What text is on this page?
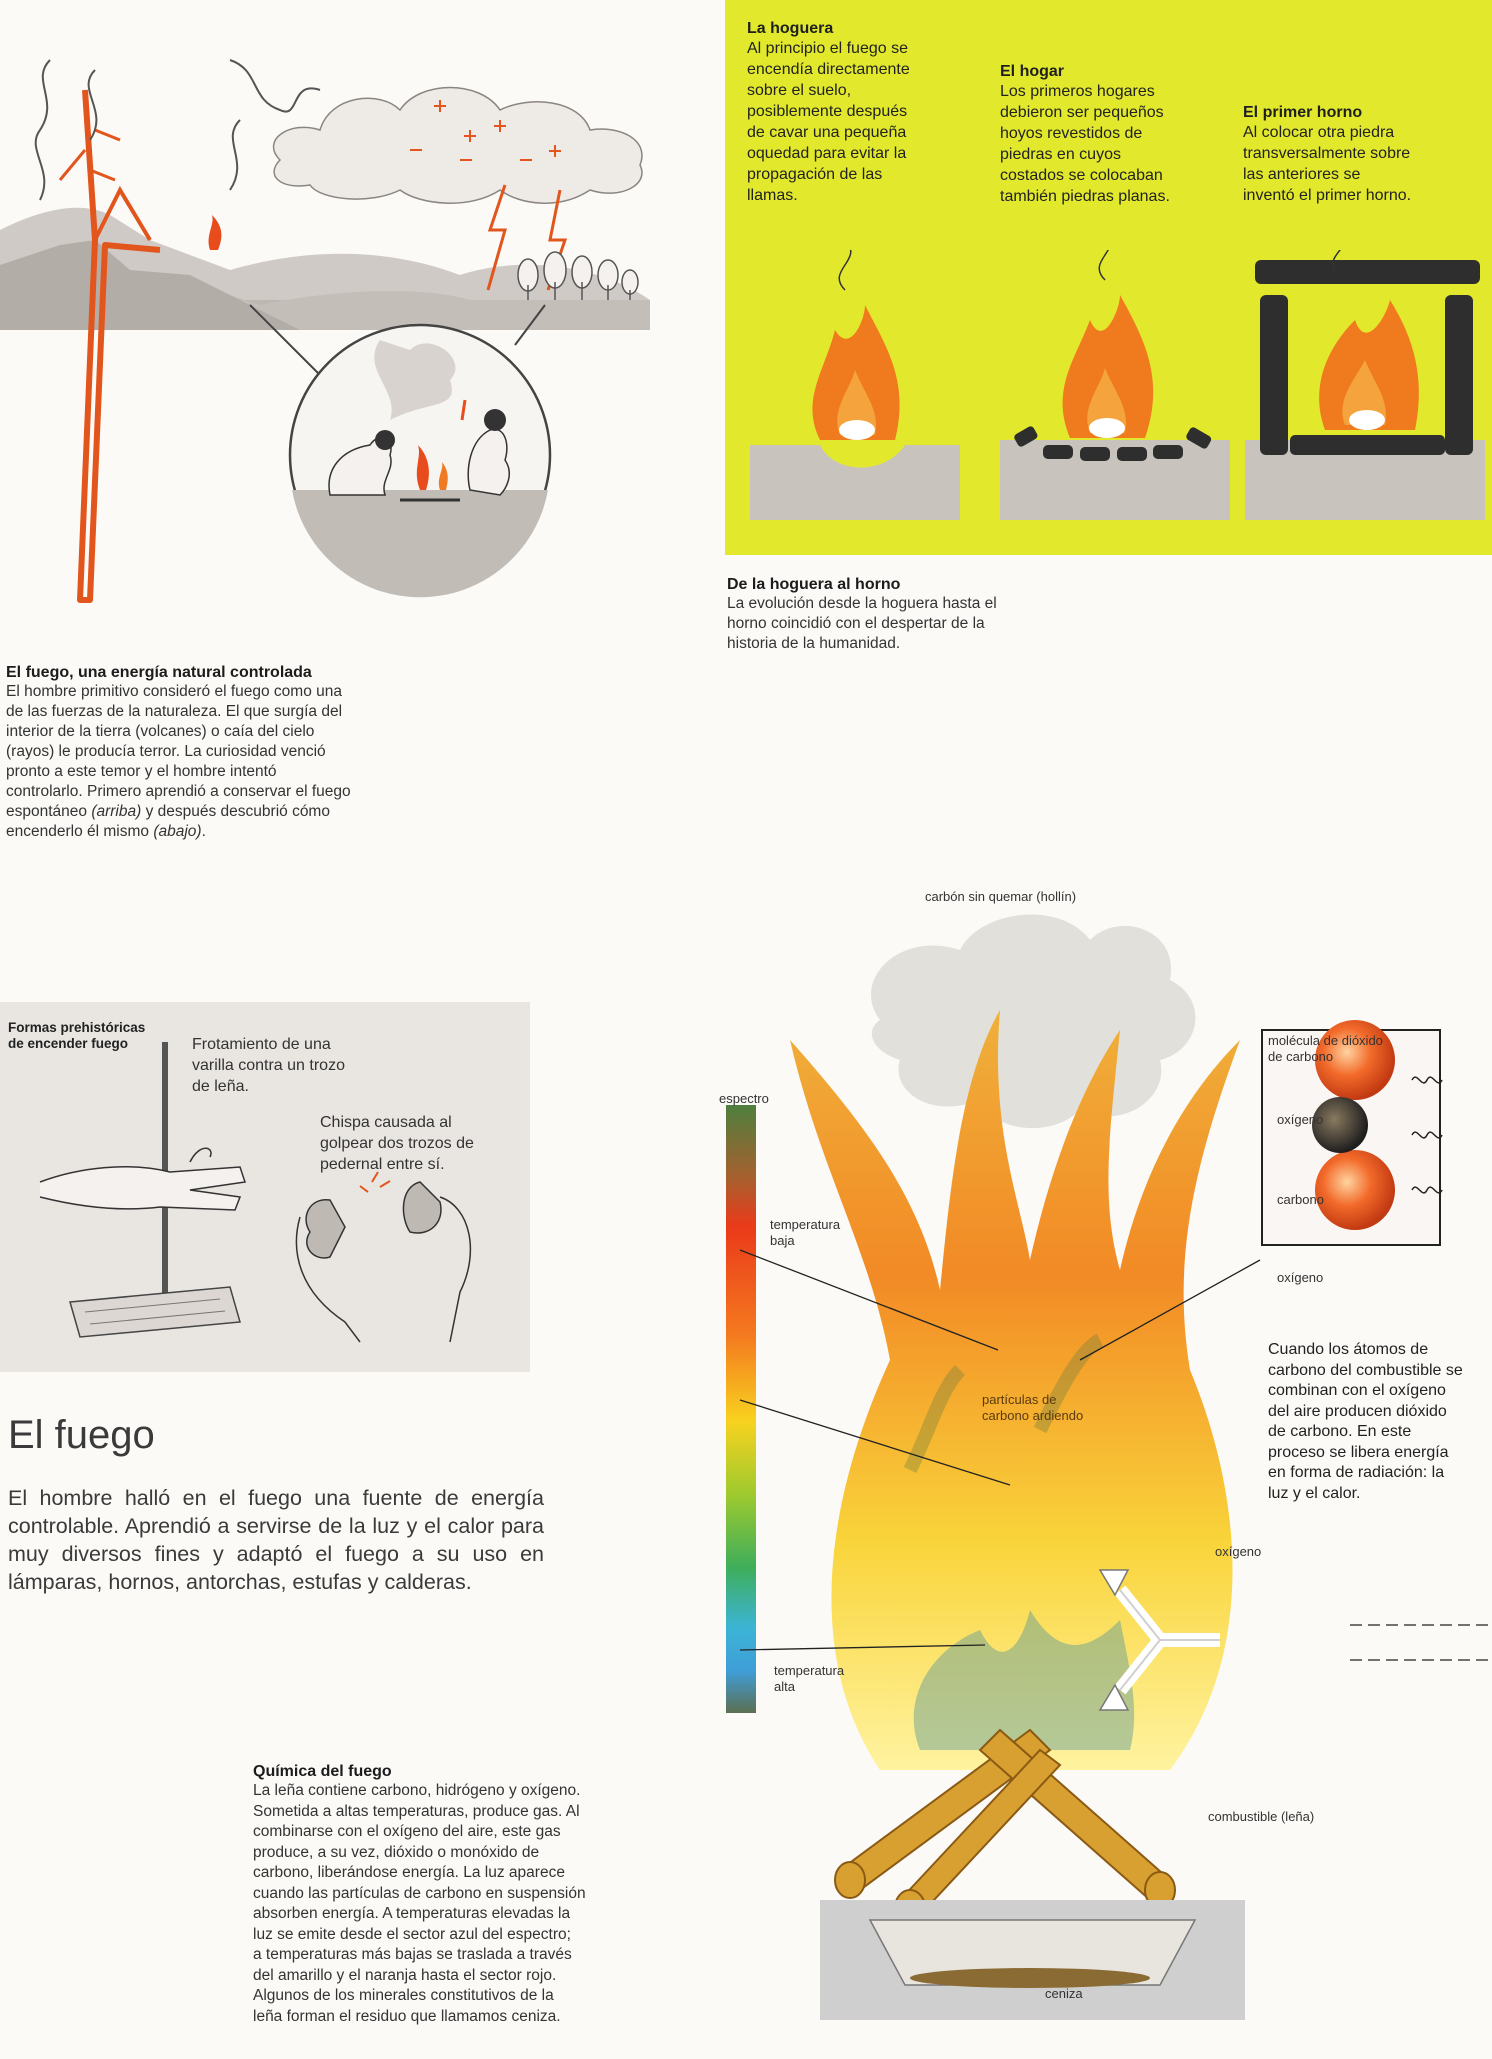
La hoguera
Al principio el fuego se
encendía directamente
sobre el suelo,
posiblemente después
de cavar una pequeña
oquedad para evitar la
propagación de las
llamas.
El hogar
Los primeros hogares
debieron ser pequeños
hoyos revestidos de
piedras en cuyos
costados se colocaban
también piedras planas.
El primer horno
Al colocar otra piedra
transversalmente sobre
las anteriores se
inventó el primer horno.
De la hoguera al horno
La evolución desde la hoguera hasta el
horno coincidió con el despertar de la
historia de la humanidad.
El fuego, una energía natural controlada
El hombre primitivo consideró el fuego como una
de las fuerzas de la naturaleza. El que surgía del
interior de la tierra (volcanes) o caía del cielo
(rayos) le producía terror. La curiosidad venció
pronto a este temor y el hombre intentó
controlarlo. Primero aprendió a conservar el fuego
espontáneo (arriba) y después descubrió cómo
encenderlo él mismo (abajo).
Formas prehistóricas
de encender fuego	Frotamiento de una
varilla contra un trozo
de leña.
Chispa causada al
golpear dos trozos de
pedernal entre sí.
El fuego
El hombre halló en el fuego una fuente de energía controlable. Aprendió a servirse de la luz y el calor para muy diversos fines y adaptó el fuego a su uso en lámparas, hornos, antorchas, estufas y calderas.
Química del fuego
La leña contiene carbono, hidrógeno y oxígeno.
Sometida a altas temperaturas, produce gas. Al
combinarse con el oxígeno del aire, este gas
produce, a su vez, dióxido o monóxido de
carbono, liberándose energía. La luz aparece
cuando las partículas de carbono en suspensión
absorben energía. A temperaturas elevadas la
luz se emite desde el sector azul del espectro;
a temperaturas más bajas se traslada a través
del amarillo y el naranja hasta el sector rojo.
Algunos de los minerales constitutivos de la
leña forman el residuo que llamamos ceniza.
carbón sin quemar (hollín)
espectro
temperatura
baja
temperatura
alta
partículas de
carbono ardiendo
oxígeno
combustible (leña)
ceniza
molécula de dióxido
de carbono
oxígeno
carbono
oxígeno
Cuando los átomos de
carbono del combustible se
combinan con el oxígeno
del aire producen dióxido
de carbono. En este
proceso se libera energía
en forma de radiación: la
luz y el calor.
